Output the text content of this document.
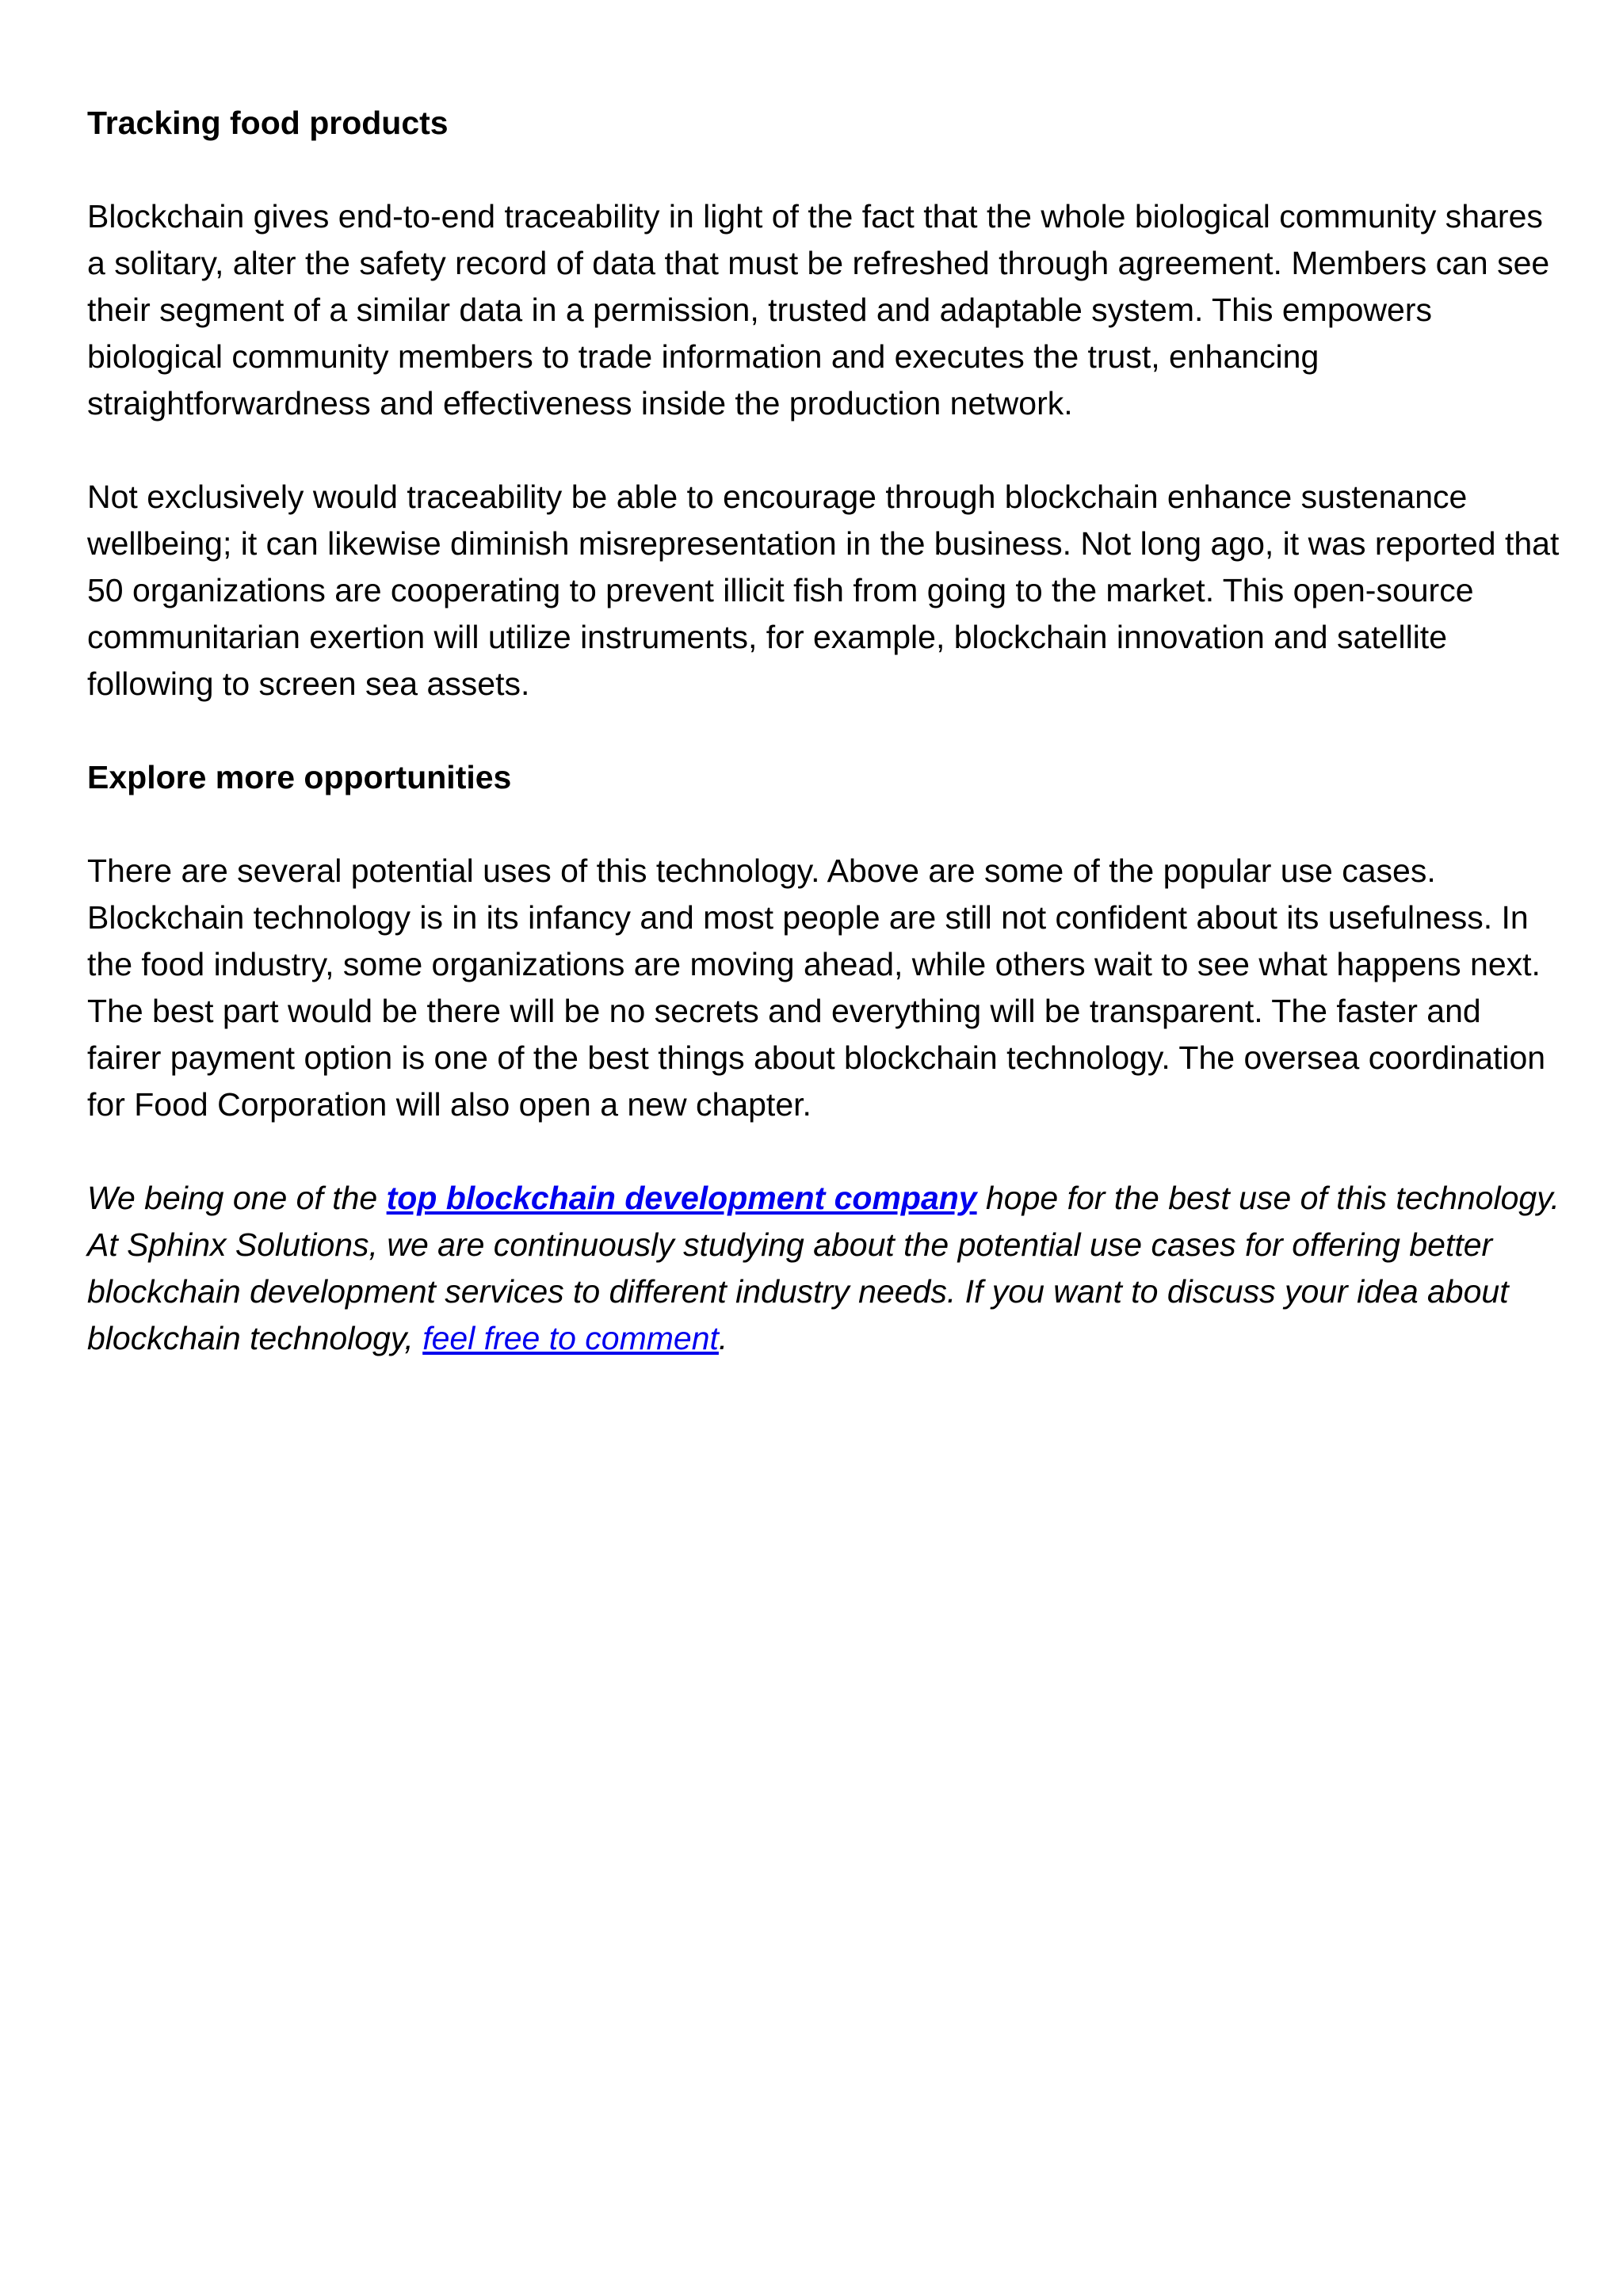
Tracking food products

Blockchain gives end-to-end traceability in light of the fact that the whole biological community shares a solitary, alter the safety record of data that must be refreshed through agreement. Members can see their segment of a similar data in a permission, trusted and adaptable system. This empowers biological community members to trade information and executes the trust, enhancing straightforwardness and effectiveness inside the production network.

Not exclusively would traceability be able to encourage through blockchain enhance sustenance wellbeing; it can likewise diminish misrepresentation in the business. Not long ago, it was reported that 50 organizations are cooperating to prevent illicit fish from going to the market. This open-source communitarian exertion will utilize instruments, for example, blockchain innovation and satellite following to screen sea assets.

Explore more opportunities

There are several potential uses of this technology. Above are some of the popular use cases. Blockchain technology is in its infancy and most people are still not confident about its usefulness. In the food industry, some organizations are moving ahead, while others wait to see what happens next. The best part would be there will be no secrets and everything will be transparent. The faster and fairer payment option is one of the best things about blockchain technology. The oversea coordination for Food Corporation will also open a new chapter.

We being one of the top blockchain development company hope for the best use of this technology. At Sphinx Solutions, we are continuously studying about the potential use cases for offering better blockchain development services to different industry needs. If you want to discuss your idea about blockchain technology, feel free to comment.
